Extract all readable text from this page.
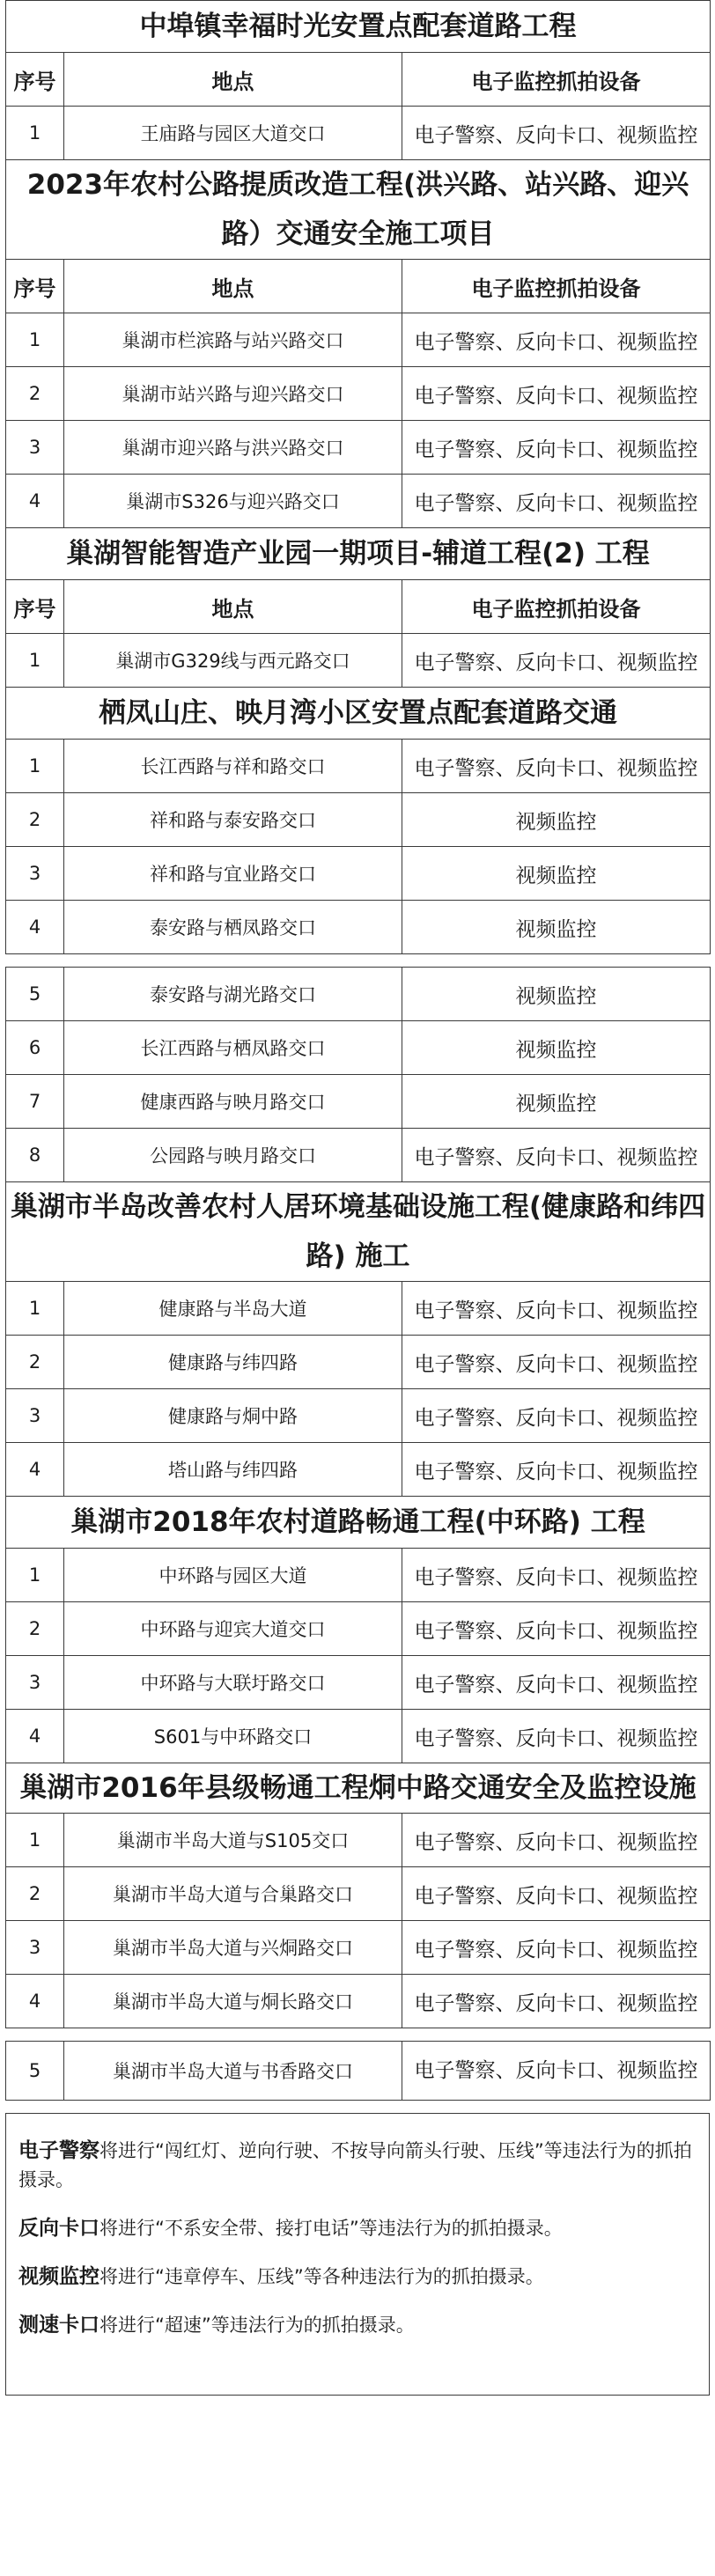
中埠镇幸福时光安置点配套道路工程		
序号	地点	电子监控抓拍设备
1	王庙路与园区大道交口	电子警察、反向卡口、视频监控
2023年农村公路提质改造工程(洪兴路、站兴路、迎兴路）交通安全施工项目		
序号	地点	电子监控抓拍设备
1	巢湖市栏滨路与站兴路交口	电子警察、反向卡口、视频监控
2	巢湖市站兴路与迎兴路交口	电子警察、反向卡口、视频监控
3	巢湖市迎兴路与洪兴路交口	电子警察、反向卡口、视频监控
4	巢湖市S326与迎兴路交口	电子警察、反向卡口、视频监控
巢湖智能智造产业园一期项目-辅道工程(2) 工程		
序号	地点	电子监控抓拍设备
1	巢湖市G329线与西元路交口	电子警察、反向卡口、视频监控
栖凤山庄、映月湾小区安置点配套道路交通		
1	长江西路与祥和路交口	电子警察、反向卡口、视频监控
2	祥和路与泰安路交口	视频监控
3	祥和路与宜业路交口	视频监控
4	泰安路与栖凤路交口	视频监控
5	泰安路与湖光路交口	视频监控
6	长江西路与栖凤路交口	视频监控
7	健康西路与映月路交口	视频监控
8	公园路与映月路交口	电子警察、反向卡口、视频监控
巢湖市半岛改善农村人居环境基础设施工程(健康路和纬四路) 施工		
1	健康路与半岛大道	电子警察、反向卡口、视频监控
2	健康路与纬四路	电子警察、反向卡口、视频监控
3	健康路与烔中路	电子警察、反向卡口、视频监控
4	塔山路与纬四路	电子警察、反向卡口、视频监控
巢湖市2018年农村道路畅通工程(中环路) 工程		
1	中环路与园区大道	电子警察、反向卡口、视频监控
2	中环路与迎宾大道交口	电子警察、反向卡口、视频监控
3	中环路与大联圩路交口	电子警察、反向卡口、视频监控
4	S601与中环路交口	电子警察、反向卡口、视频监控
巢湖市2016年县级畅通工程烔中路交通安全及监控设施		
1	巢湖市半岛大道与S105交口	电子警察、反向卡口、视频监控
2	巢湖市半岛大道与合巢路交口	电子警察、反向卡口、视频监控
3	巢湖市半岛大道与兴烔路交口	电子警察、反向卡口、视频监控
4	巢湖市半岛大道与烔长路交口	电子警察、反向卡口、视频监控
5	巢湖市半岛大道与书香路交口	电子警察、反向卡口、视频监控

电子警察将进行“闯红灯、逆向行驶、不按导向箭头行驶、压线”等违法行为的抓拍摄录。

反向卡口将进行“不系安全带、接打电话”等违法行为的抓拍摄录。

视频监控将进行“违章停车、压线”等各种违法行为的抓拍摄录。

测速卡口将进行“超速”等违法行为的抓拍摄录。
